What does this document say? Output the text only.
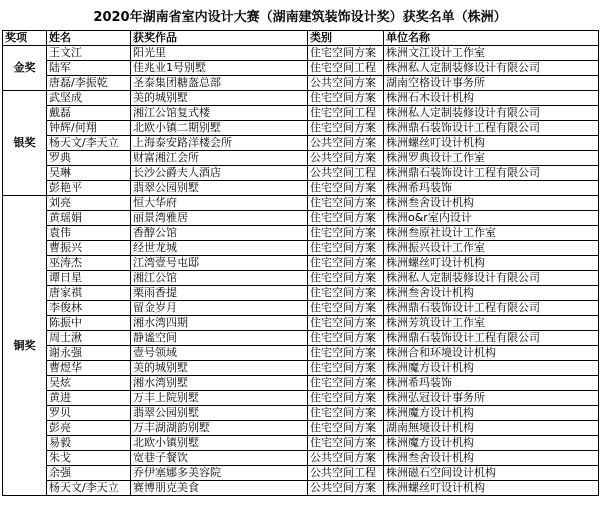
2020年湖南省室内设计大赛（湖南建筑装饰设计奖）获奖名单（株洲）
奖项	姓名	获奖作品	类别	单位名称
金奖	王文江	阳光里	住宅空间方案	株洲文江设计工作室
	陆军	佳兆业1号别墅	住宅空间工程	株洲私人定制装修设计有限公司
	唐磊/李振乾	圣泰集团糖盔总部	公共空间方案	湖南空格设计事务所
银奖	武坚成	美的城别墅	住宅空间方案	株洲石木设计机构
	戴磊	湘江公馆复式楼	住宅空间工程	株洲私人定制装修设计有限公司
	钟辉/何翔	北欧小镇二期别墅	住宅空间方案	株洲鼎石装饰设计工程有限公司
	杨天文/李天立	上海泰安路洋楼会所	公共空间方案	株洲螺丝叮设计机构
	罗典	财富湘江会所	公共空间方案	株洲罗典设计工作室
	吴琳	长沙公爵夫人酒店	公共空间工程	株洲鼎石装饰设计工程有限公司
	彭艳平	翡翠公园别墅	住宅空间方案	株洲希玛装饰
铜奖	刘亮	恒大华府	住宅空间方案	株洲叁舍设计机构
	黄瑶娟	丽景湾雅居	住宅空间方案	株洲o&r室内设计
	袁伟	香醇公馆	住宅空间方案	株洲叁原社设计工作室
	曹振兴	经世龙城	住宅空间方案	株洲振兴设计工作室
	巫涛杰	江湾壹号屯邸	住宅空间方案	株洲螺丝叮设计机构
	谭日星	湘江公馆	住宅空间方案	株洲私人定制装修设计有限公司
	唐家祺	栗雨香提	住宅空间方案	株洲叁舍设计机构
	李俊林	留金岁月	住宅空间方案	株洲鼎石装饰设计工程有限公司
	陈振中	湘水湾四期	住宅空间方案	株洲芳筑设计工作室
	周士湫	静谧空间	住宅空间方案	株洲鼎石装饰设计工程有限公司
	谢永强	壹号领域	住宅空间方案	株洲合和环境设计机构
	曹煜华	美的城别墅	住宅空间方案	株洲魔方设计机构
	吴炫	湘水湾别墅	住宅空间方案	株洲希玛装饰
	黄进	万丰上院别墅	住宅空间方案	株洲弘冠设计事务所
	罗贝	翡翠公园别墅	住宅空间方案	株洲魔方设计机构
	彭亮	万丰湖湖韵别墅	住宅空间方案	湖南無境设计机构
	易毅	北欧小镇别墅	住宅空间方案	株洲魔方设计机构
	朱戈	宽巷子餐饮	公共空间方案	株洲叁舍设计机构
	余强	乔伊塞娜多美容院	公共空间工程	株洲磁石空间设计机构
	杨天文/李天立	赛博朋克美食	公共空间方案	株洲螺丝叮设计机构
